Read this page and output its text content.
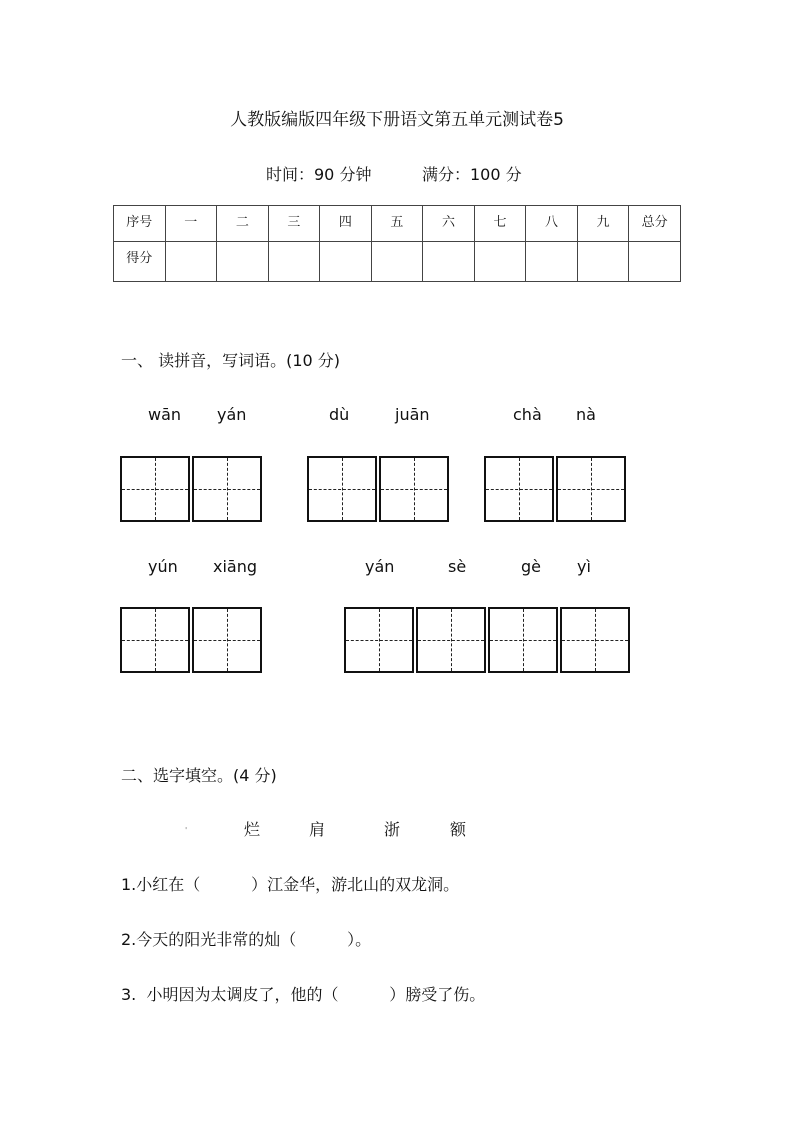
人教版编版四年级下册语文第五单元测试卷5
时间：90 分钟	满分：100 分
序号	一	二	三	四	五	六	七	八	九	总分
得分										
一、 读拼音，写词语。(10 分)
wān yán	dù	juān	chà nà
yún xiāng	yán	sè	gè yì
二、选字填空。(4 分)
'	烂	肩	浙	额
1.小红在（          ）江金华，游北山的双龙洞。
2.今天的阳光非常的灿（          ）。
3.  小明因为太调皮了，他的（          ）膀受了伤。
